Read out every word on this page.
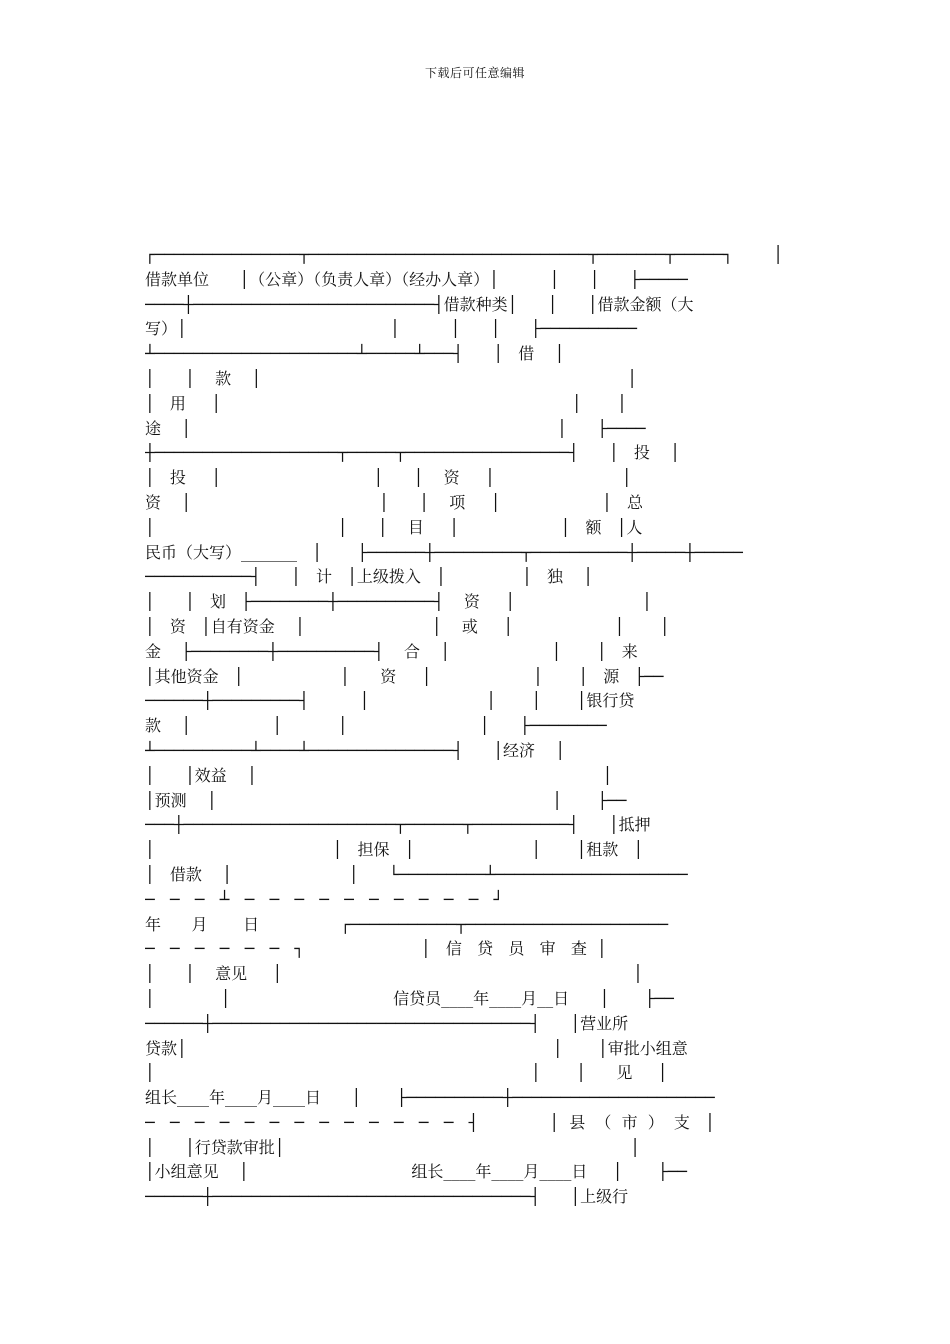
下载后可任意编辑
┌───────────────┬─────────────────────────────┬───────┬─────┐        │
借款单位      │（公章）（负责人章）（经办人章）│          │      │      ├─────
────┼─────────────────────────┤借款种类│      │      │借款金额（大
写）│                                        │          │      │      ├──────────
┴─────────────────────┴─────┴───┤      │   借    │
│      │    款    │                                                                        │
│   用     │                                                                     │       │
途    │                                                                        │      ├────
┼───────────────────┬─────┬─────────────────┤      │   投    │
│   投     │                              │      │    资     │                         │
资    │                                     │      │    项     │                    │   总
│                                    │      │    目     │                    │   额   │人
民币（大写）_______   │       ├──────┼─────────┬──────────┼─────┼─────
───────────┤      │   计   │上级拨入   │               │   独    │
│      │   划   ├────────┼──────────┤    资     │                         │
│   资   │自有资金    │                         │    或     │                    │       │
金    ├────────┼──────────┤    合    │                    │       │   来
│其他资金   │                   │      资     │                    │       │   源   ├──
──────┼─────────┤          │                       │       │       │银行贷
款    │                │           │                          │      ├────────
┴──────────┴────┴───────────────┤      │经济    │
│      │效益    │                                                                    │
│预测    │                                                                  │       ├──
───┼──────────────────────┬──────┬──────────┤      │抵押
│                                   │   担保   │                       │       │租款   │
│   借款    │                       │      └─────────┴────────────────────
─   ─   ─   ┴   ─   ─   ─   ─   ─   ─   ─   ─   ─   ─   ┘
年      月       日                ┌───────────┬─────────────────────
─   ─   ─   ─   ─   ─   ┐                       │   信   贷   员   审   查  │
│      │    意见     │                                                                     │
│             │                                信贷员____年____月__日      │       ├──
──────┼─────────────────────────────────┤      │营业所
贷款│                                                                        │       │审批小组意
│                                                                          │       │      见     │
组长____年____月____日      │       ├──────────┼─────────────────────
─   ─   ─   ─   ─   ─   ─   ─   ─   ─   ─   ─   ─   ┤              │  县  （  市  ）  支   │
│      │行贷款审批│                                                                    │
│小组意见    │                                组长____年____月____日     │       ├──
──────┼─────────────────────────────────┤      │上级行
